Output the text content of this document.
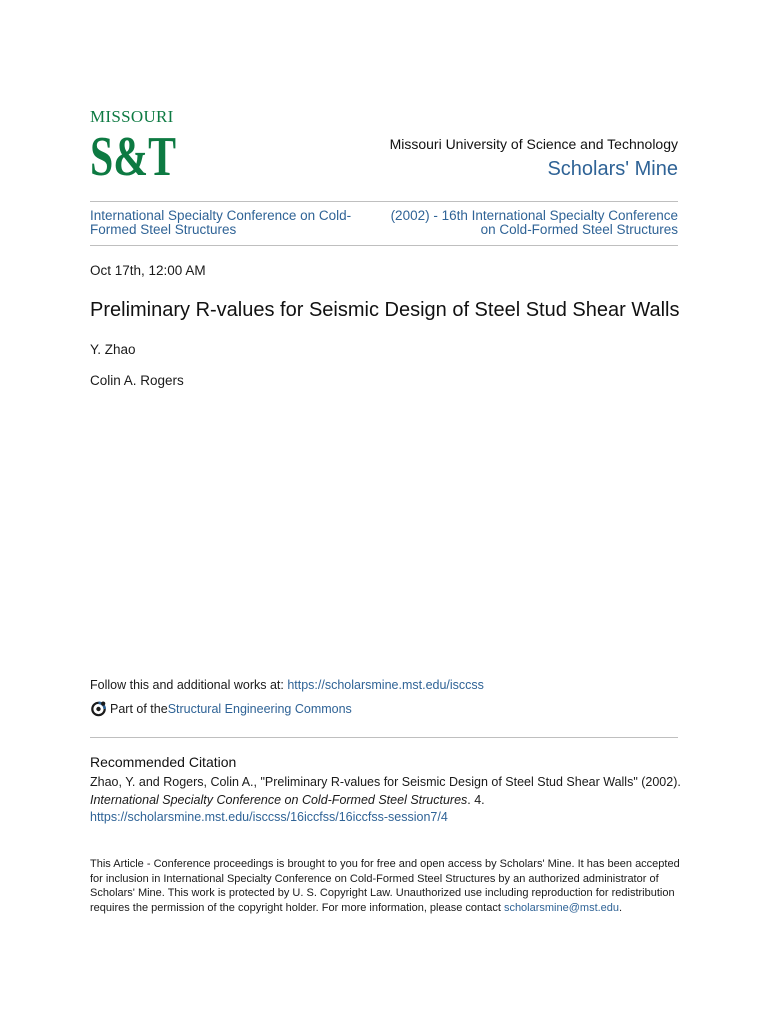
MISSOURI
S&T	Missouri University of Science and Technology
Scholars' Mine
International Specialty Conference on Cold-
Formed Steel Structures
(2002) - 16th International Specialty Conference
on Cold-Formed Steel Structures
Oct 17th, 12:00 AM
Preliminary R-values for Seismic Design of Steel Stud Shear Walls
Y. Zhao
Colin A. Rogers
Follow this and additional works at: https://scholarsmine.mst.edu/isccss
Part of the Structural Engineering Commons
Recommended Citation
Zhao, Y. and Rogers, Colin A., "Preliminary R-values for Seismic Design of Steel Stud Shear Walls" (2002).
International Specialty Conference on Cold-Formed Steel Structures. 4.
https://scholarsmine.mst.edu/isccss/16iccfss/16iccfss-session7/4
This Article - Conference proceedings is brought to you for free and open access by Scholars' Mine. It has been accepted for inclusion in International Specialty Conference on Cold-Formed Steel Structures by an authorized administrator of Scholars' Mine. This work is protected by U. S. Copyright Law. Unauthorized use including reproduction for redistribution requires the permission of the copyright holder. For more information, please contact scholarsmine@mst.edu.
